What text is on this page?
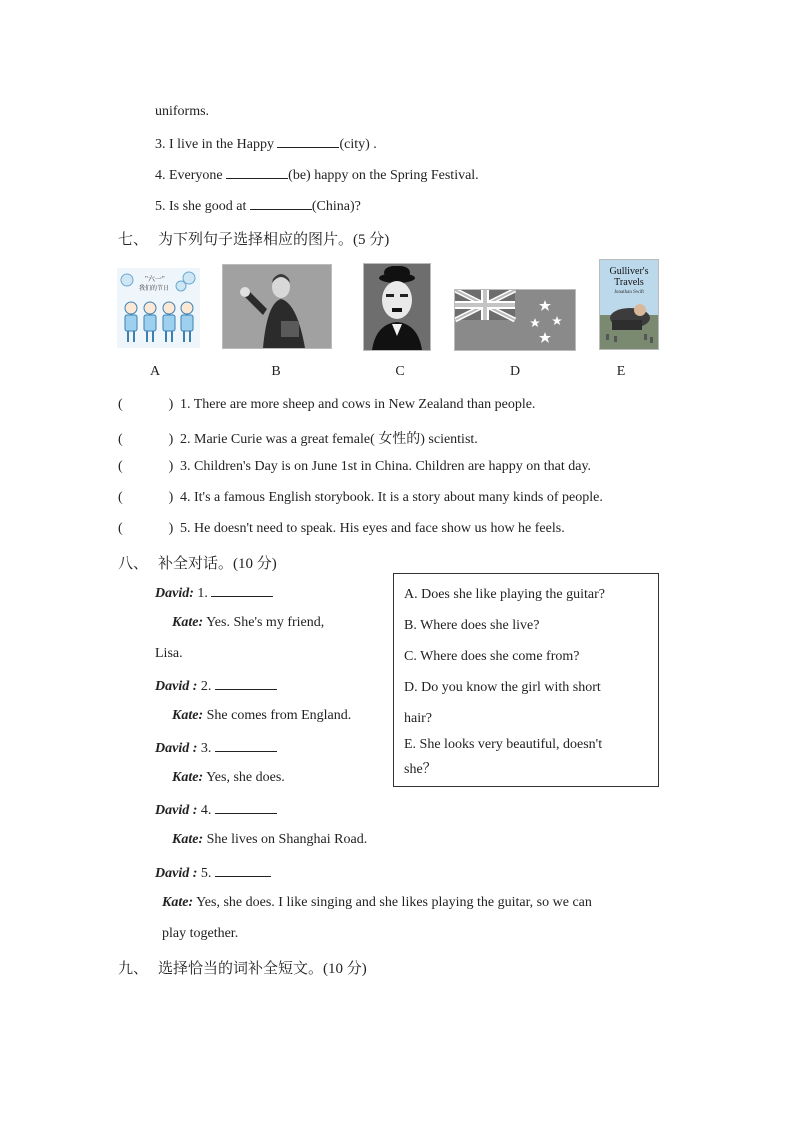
uniforms.
3. I live in the Happy	(city) .
4. Everyone	(be) happy on the Spring Festival.
5. Is she good at	(China)?
七、 为下列句子选择相应的图片。(5 分)
"六一"
我们的节日
Gulliver's Travels
Jonathan Swift
A	B	C	D	E
(	) 1. There are more sheep and cows in New Zealand than people.
(	) 2. Marie Curie was a great female( 女性的) scientist.
(	) 3. Children's Day is on June 1st in China. Children are happy on that day.
(	) 4. It's a famous English storybook. It is a story about many kinds of people.
(	) 5. He doesn't need to speak. His eyes and face show us how he feels.
八、 补全对话。(10 分)
David: 1.
Kate: Yes. She's my friend,
Lisa.
David : 2.
Kate: She comes from England.
David : 3.
Kate: Yes, she does.
David : 4.
Kate: She lives on Shanghai Road.
David : 5.
Kate: Yes, she does. I like singing and she likes playing the guitar, so we can
play together.
A. Does she like playing the guitar?
B. Where does she live?
C. Where does she come from?
D. Do you know the girl with short
hair?
E. She looks very beautiful, doesn't
she？
九、 选择恰当的词补全短文。(10 分)
